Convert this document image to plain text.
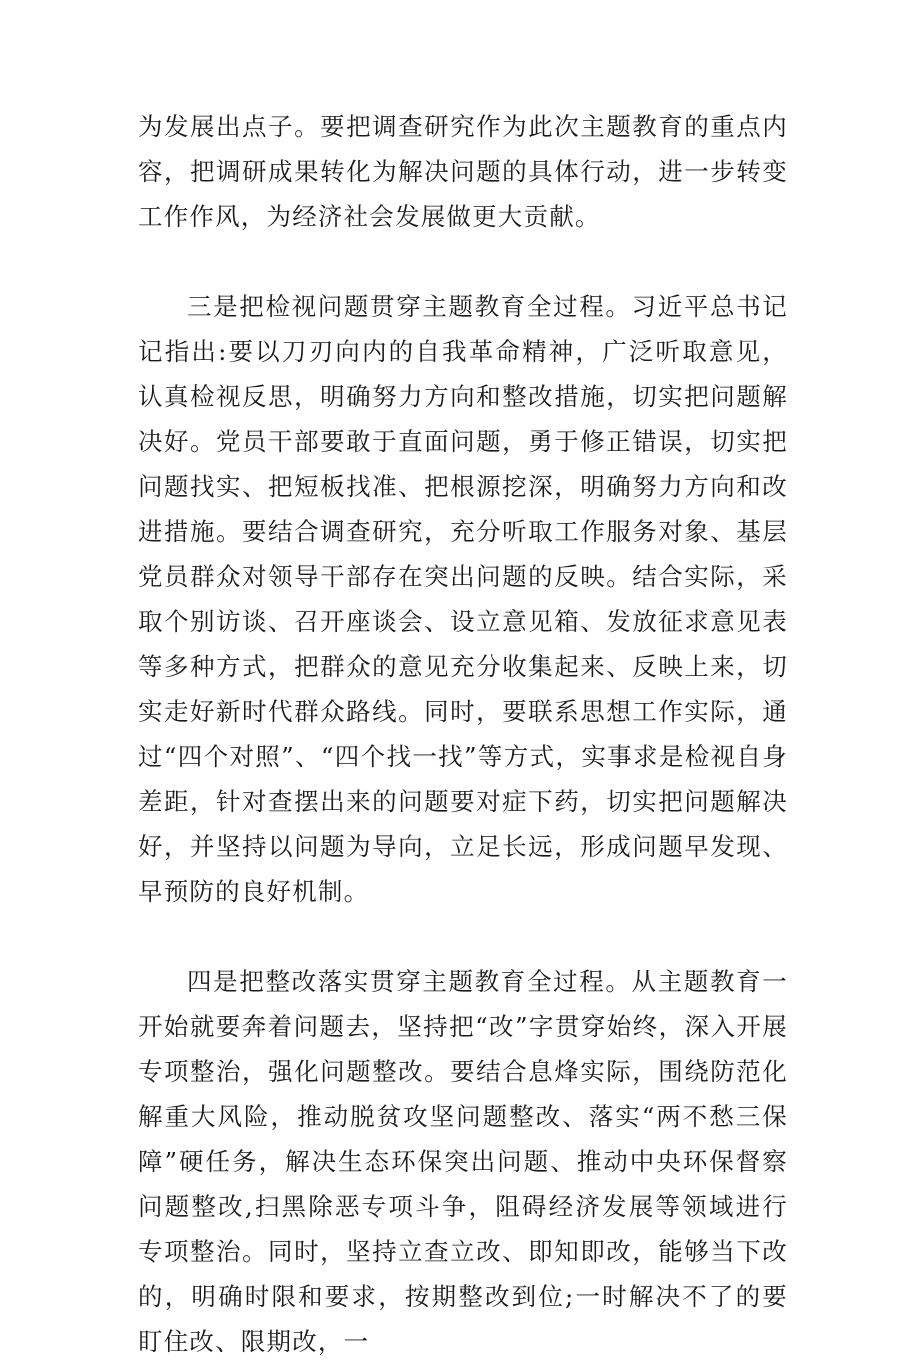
为发展出点子。要把调查研究作为此次主题教育的重点内容，把调研成果转化为解决问题的具体行动，进一步转变工作作风，为经济社会发展做更大贡献。

三是把检视问题贯穿主题教育全过程。习近平总书记记指出:要以刀刃向内的自我革命精神，广泛听取意见，认真检视反思，明确努力方向和整改措施，切实把问题解决好。党员干部要敢于直面问题，勇于修正错误，切实把问题找实、把短板找准、把根源挖深，明确努力方向和改进措施。要结合调查研究，充分听取工作服务对象、基层党员群众对领导干部存在突出问题的反映。结合实际，采取个别访谈、召开座谈会、设立意见箱、发放征求意见表等多种方式，把群众的意见充分收集起来、反映上来，切实走好新时代群众路线。同时，要联系思想工作实际，通过“四个对照”、“四个找一找”等方式，实事求是检视自身差距，针对查摆出来的问题要对症下药，切实把问题解决好，并坚持以问题为导向，立足长远，形成问题早发现、早预防的良好机制。

四是把整改落实贯穿主题教育全过程。从主题教育一开始就要奔着问题去，坚持把“改”字贯穿始终，深入开展专项整治，强化问题整改。要结合息烽实际，围绕防范化解重大风险，推动脱贫攻坚问题整改、落实“两不愁三保障”硬任务，解决生态环保突出问题、推动中央环保督察问题整改,扫黑除恶专项斗争，阻碍经济发展等领域进行专项整治。同时，坚持立查立改、即知即改，能够当下改的，明确时限和要求，按期整改到位;一时解决不了的要盯住改、限期改，一
